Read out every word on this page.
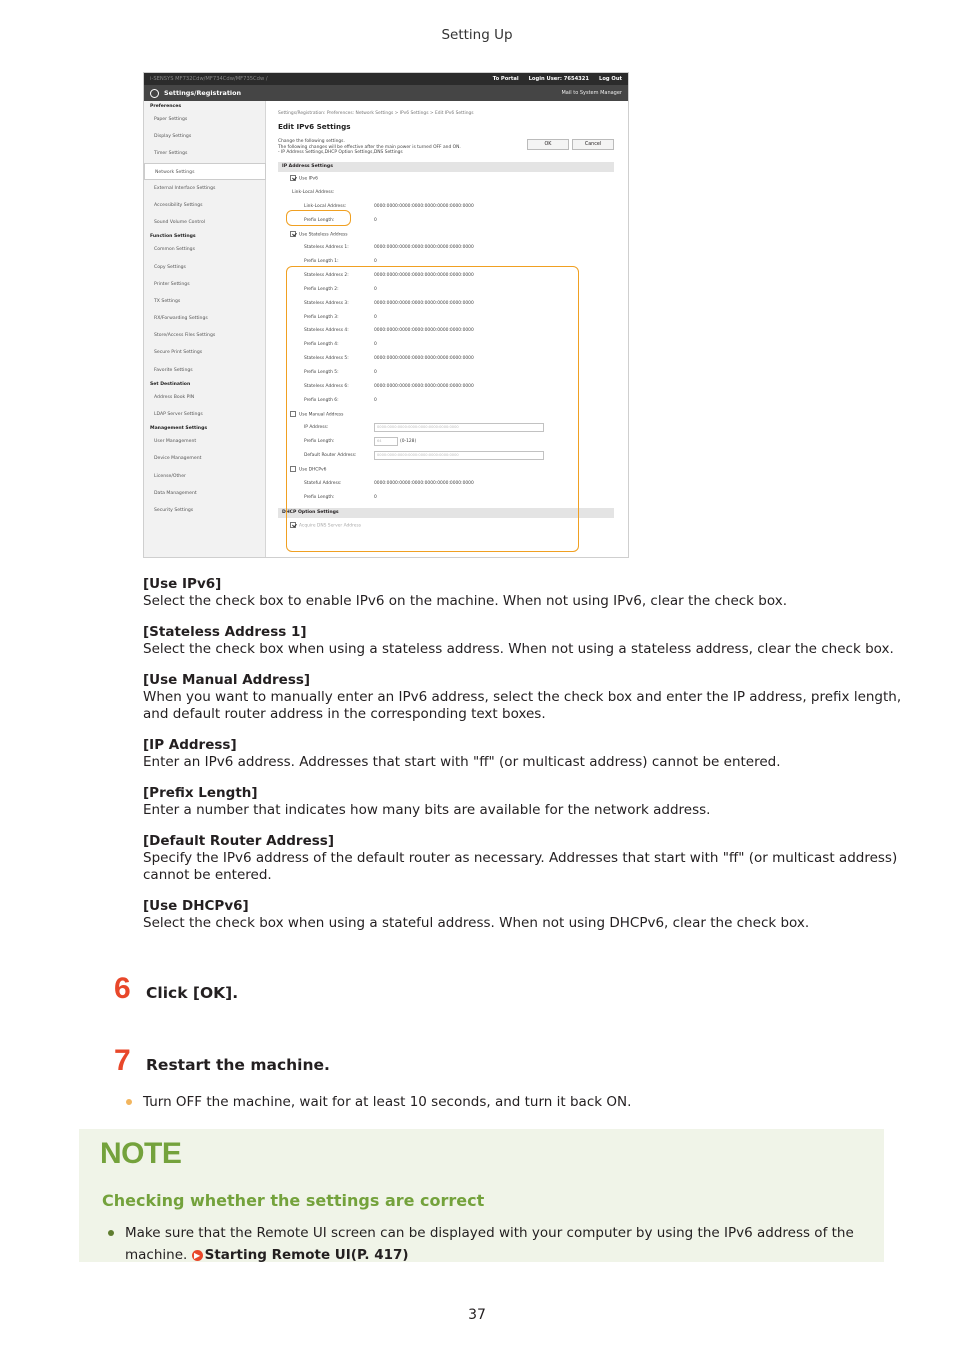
Setting Up
i-SENSYS MF732Cdw/MF734Cdw/MF735Cdw /	To Portal Login User: 7654321 Log Out
Settings/Registration	Mail to System Manager
Preferences
Paper Settings
Display Settings
Timer Settings
Network Settings
External Interface Settings
Accessibility Settings
Sound Volume Control
Function Settings
Common Settings
Copy Settings
Printer Settings
TX Settings
RX/Forwarding Settings
Store/Access Files Settings
Secure Print Settings
Favorite Settings
Set Destination
Address Book PIN
LDAP Server Settings
Management Settings
User Management
Device Management
License/Other
Data Management
Security Settings
Settings/Registration: Preferences: Network Settings > IPv6 Settings > Edit IPv6 Settings
Edit IPv6 Settings
Change the following settings.
The following changes will be effective after the main power is turned OFF and ON.
- IP Address Settings,DHCP Option Settings,DNS Settings
OK	Cancel
IP Address Settings
Use IPv6
Link-Local Address:
Link-Local Address:	0000:0000:0000:0000:0000:0000:0000:0000
Prefix Length:	0
Use Stateless Address
Stateless Address 1:	0000:0000:0000:0000:0000:0000:0000:0000
Prefix Length 1:	0
Stateless Address 2:	0000:0000:0000:0000:0000:0000:0000:0000
Prefix Length 2:	0
Stateless Address 3:	0000:0000:0000:0000:0000:0000:0000:0000
Prefix Length 3:	0
Stateless Address 4:	0000:0000:0000:0000:0000:0000:0000:0000
Prefix Length 4:	0
Stateless Address 5:	0000:0000:0000:0000:0000:0000:0000:0000
Prefix Length 5:	0
Stateless Address 6:	0000:0000:0000:0000:0000:0000:0000:0000
Prefix Length 6:	0
Use Manual Address
IP Address:	0000:0000:0000:0000:0000:0000:0000:0000
Prefix Length:	64	(0-128)
Default Router Address:	0000:0000:0000:0000:0000:0000:0000:0000
Use DHCPv6
Stateful Address:	0000:0000:0000:0000:0000:0000:0000:0000
Prefix Length:	0
DHCP Option Settings
Acquire DNS Server Address
[Use IPv6]
Select the check box to enable IPv6 on the machine. When not using IPv6, clear the check box.
[Stateless Address 1]
Select the check box when using a stateless address. When not using a stateless address, clear the check box.
[Use Manual Address]
When you want to manually enter an IPv6 address, select the check box and enter the IP address, prefix length, and default router address in the corresponding text boxes.
[IP Address]
Enter an IPv6 address. Addresses that start with "ff" (or multicast address) cannot be entered.
[Prefix Length]
Enter a number that indicates how many bits are available for the network address.
[Default Router Address]
Specify the IPv6 address of the default router as necessary. Addresses that start with "ff" (or multicast address) cannot be entered.
[Use DHCPv6]
Select the check box when using a stateful address. When not using DHCPv6, clear the check box.
6 Click [OK].
7 Restart the machine.
Turn OFF the machine, wait for at least 10 seconds, and turn it back ON.
NOTE
Checking whether the settings are correct
Make sure that the Remote UI screen can be displayed with your computer by using the IPv6 address of the machine. ▶ Starting Remote UI(P. 417)
37
